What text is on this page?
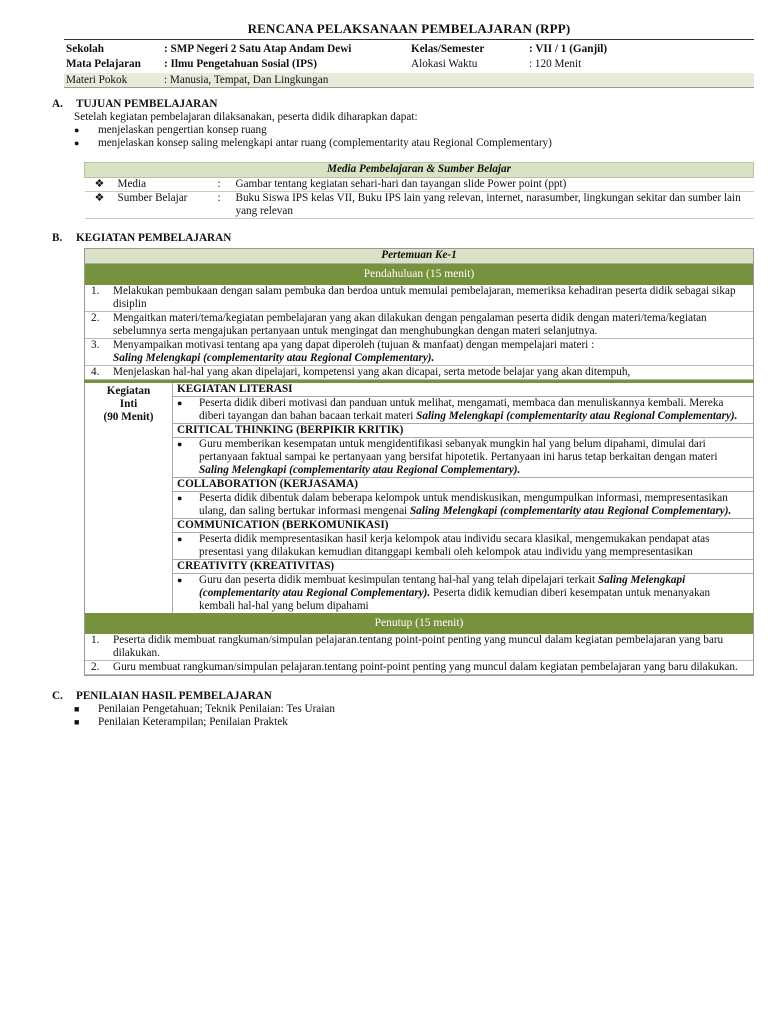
RENCANA PELAKSANAAN PEMBELAJARAN (RPP)
Sekolah	: SMP Negeri 2 Satu Atap Andam Dewi	Kelas/Semester	: VII / 1 (Ganjil)
Mata Pelajaran	: Ilmu Pengetahuan Sosial (IPS)	Alokasi Waktu	: 120 Menit
Materi Pokok	: Manusia, Tempat, Dan Lingkungan
A. TUJUAN PEMBELAJARAN
Setelah kegiatan pembelajaran dilaksanakan, peserta didik diharapkan dapat:
●	menjelaskan pengertian konsep ruang
●	menjelaskan konsep saling melengkapi antar ruang (complementarity atau Regional Complementary)
Media Pembelajaran & Sumber Belajar			
❖	Media	:	Gambar tentang kegiatan sehari-hari dan tayangan slide Power point (ppt)
❖	Sumber Belajar	:	Buku Siswa IPS kelas VII, Buku IPS lain yang relevan, internet, narasumber, lingkungan sekitar dan sumber lain yang relevan
B.	KEGIATAN PEMBELAJARAN
Pertemuan Ke-1
Pendahuluan (15 menit)

1.	Melakukan pembukaan dengan salam pembuka dan berdoa untuk memulai pembelajaran, memeriksa kehadiran peserta didik sebagai sikap disiplin
2.	Mengaitkan materi/tema/kegiatan pembelajaran yang akan dilakukan dengan pengalaman peserta didik dengan materi/tema/kegiatan sebelumnya serta mengajukan pertanyaan untuk mengingat dan menghubungkan dengan materi selanjutnya.
3.	Menyampaikan motivasi tentang apa yang dapat diperoleh (tujuan & manfaat) dengan mempelajari materi :
Saling Melengkapi (complementarity atau Regional Complementary).
4.	Menjelaskan hal-hal yang akan dipelajari, kompetensi yang akan dicapai, serta metode belajar yang akan ditempuh,

Kegiatan Inti
(90 Menit)

KEGIATAN LITERASI
●	Peserta didik diberi motivasi dan panduan untuk melihat, mengamati, membaca dan menuliskannya kembali. Mereka diberi tayangan dan bahan bacaan terkait materi Saling Melengkapi (complementarity atau Regional Complementary).
CRITICAL THINKING (BERPIKIR KRITIK)
●	Guru memberikan kesempatan untuk mengidentifikasi sebanyak mungkin hal yang belum dipahami, dimulai dari pertanyaan faktual sampai ke pertanyaan yang bersifat hipotetik. Pertanyaan ini harus tetap berkaitan dengan materi Saling Melengkapi (complementarity atau Regional Complementary).
COLLABORATION (KERJASAMA)
●	Peserta didik dibentuk dalam beberapa kelompok untuk mendiskusikan, mengumpulkan informasi, mempresentasikan ulang, dan saling bertukar informasi mengenai Saling Melengkapi (complementarity atau Regional Complementary).
COMMUNICATION (BERKOMUNIKASI)
●	Peserta didik mempresentasikan hasil kerja kelompok atau individu secara klasikal, mengemukakan pendapat atas presentasi yang dilakukan kemudian ditanggapi kembali oleh kelompok atau individu yang mempresentasikan
CREATIVITY (KREATIVITAS)
●	Guru dan peserta didik membuat kesimpulan tentang hal-hal yang telah dipelajari terkait Saling Melengkapi (complementarity atau Regional Complementary). Peserta didik kemudian diberi kesempatan untuk menanyakan kembali hal-hal yang belum dipahami

Penutup (15 menit)

1.	Peserta didik membuat rangkuman/simpulan pelajaran.tentang point-point penting yang muncul dalam kegiatan pembelajaran yang baru dilakukan.
2.	Guru membuat rangkuman/simpulan pelajaran.tentang point-point penting yang muncul dalam kegiatan pembelajaran yang baru dilakukan.
C. PENILAIAN HASIL PEMBELAJARAN
■	Penilaian Pengetahuan; Teknik Penilaian: Tes Uraian
■	Penilaian Keterampilan; Penilaian Praktek
